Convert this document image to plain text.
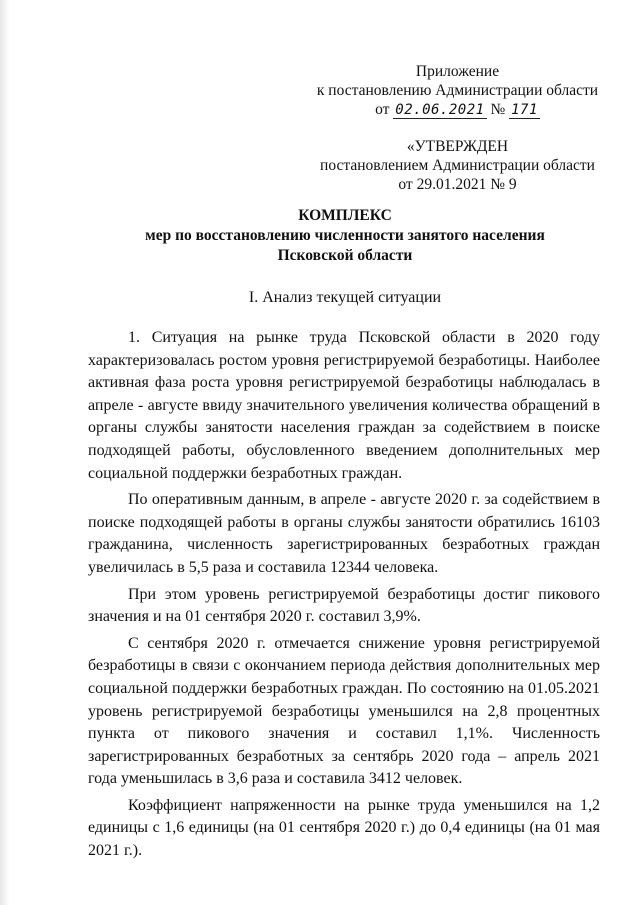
Приложение
к постановлению Администрации области
от 02.06.2021 № 171
«УТВЕРЖДЕН
постановлением Администрации области
от 29.01.2021 № 9
КОМПЛЕКС
мер по восстановлению численности занятого населения
Псковской области
I. Анализ текущей ситуации

1. Ситуация на рынке труда Псковской области в 2020 году характеризовалась ростом уровня регистрируемой безработицы. Наиболее активная фаза роста уровня регистрируемой безработицы наблюдалась в апреле - августе ввиду значительного увеличения количества обращений в органы службы занятости населения граждан за содействием в поиске подходящей работы, обусловленного введением дополнительных мер социальной поддержки безработных граждан.

По оперативным данным, в апреле - августе 2020 г. за содействием в поиске подходящей работы в органы службы занятости обратились 16103 гражданина, численность зарегистрированных безработных граждан увеличилась в 5,5 раза и составила 12344 человека.

При этом уровень регистрируемой безработицы достиг пикового значения и на 01 сентября 2020 г. составил 3,9%.

С сентября 2020 г. отмечается снижение уровня регистрируемой безработицы в связи с окончанием периода действия дополнительных мер социальной поддержки безработных граждан. По состоянию на 01.05.2021 уровень регистрируемой безработицы уменьшился на 2,8 процентных пункта от пикового значения и составил 1,1%. Численность зарегистрированных безработных за сентябрь 2020 года – апрель 2021 года уменьшилась в 3,6 раза и составила 3412 человек.

Коэффициент напряженности на рынке труда уменьшился на 1,2 единицы с 1,6 единицы (на 01 сентября 2020 г.) до 0,4 единицы (на 01 мая 2021 г.).
